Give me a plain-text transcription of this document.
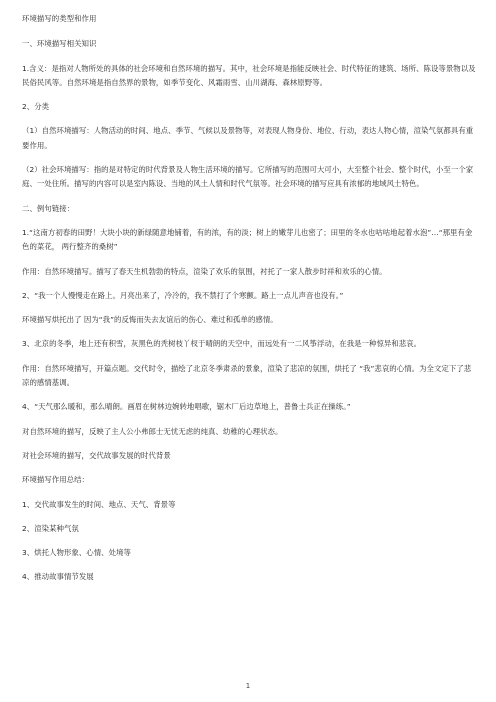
环境描写的类型和作用

一、环境描写相关知识

1.含义：是指对人物所处的具体的社会环境和自然环境的描写。其中，社会环境是指能反映社会、时代特征的建筑、场所、陈设等景物以及民俗民风等。自然环境是指自然界的景物，如季节变化、风霜雨雪、山川湖海、森林原野等。

2、分类

（1）自然环境描写：人物活动的时间、地点、季节、气候以及景物等，对表现人物身份、地位、行动，表达人物心情，渲染气氛都具有重要作用。

（2）社会环境描写：指的是对特定的时代背景及人物生活环境的描写。它所描写的范围可大可小，大至整个社会、整个时代，小至一个家庭、一处住所。描写的内容可以是室内陈设、当地的风土人情和时代气氛等。社会环境的描写应具有浓郁的地域风土特色。

二、例句链接：

1.“这南方初春的田野！大块小块的新绿随意地铺着，有的浓，有的淡；树上的嫩芽儿也密了；田里的冬水也咕咕地起着水泡”…“那里有金色的菜花， 两行整齐的桑树”

作用：自然环境描写。描写了春天生机勃勃的特点，渲染了欢乐的氛围，衬托了一家人散步时祥和欢乐的心情。

2、“我一个人慢慢走在路上。月亮出来了，冷冷的，我不禁打了个寒颤。路上一点儿声音也没有。”

环境描写烘托出了 因为“我”的反悔而失去友谊后的伤心、难过和孤单的感情。

3、北京的冬季，地上还有积雪，灰黑色的秃树枝丫杈于晴朗的天空中，而远处有一二风筝浮动，在我是一种惊异和悲哀。

作用：自然环境描写，开篇点题。交代时令，描绘了北京冬季肃杀的景象，渲染了悲凉的氛围，烘托了 “我”悲哀的心情。为全文定下了悲凉的感情基调。

4、“天气那么暖和，那么晴朗。画眉在树林边婉转地唱歌，锯木厂后边草地上，普鲁士兵正在操练。”

对自然环境的描写，反映了主人公小弗郎士无忧无虑的纯真、幼稚的心理状态。

对社会环境的描写，交代故事发展的时代背景

环境描写作用总结：

1、交代故事发生的时间、地点、天气、背景等

2、渲染某种气氛

3、烘托人物形象、心情、处境等

4、推动故事情节发展

1
